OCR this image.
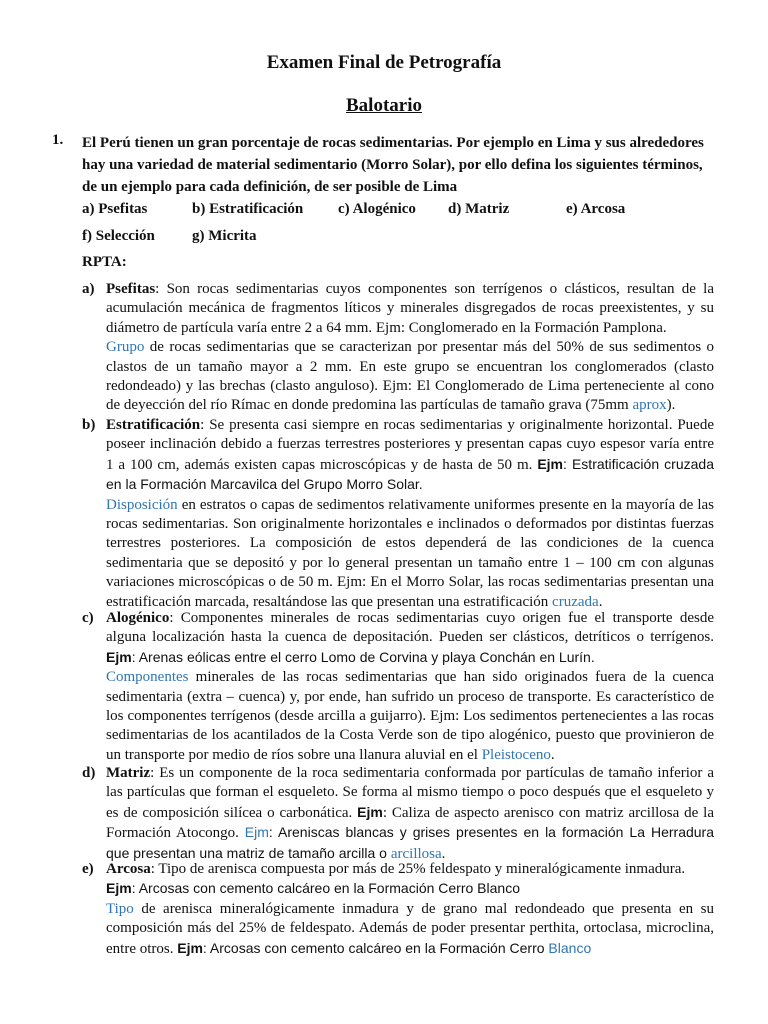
Examen Final de Petrografía
Balotario
1. El Perú tienen un gran porcentaje de rocas sedimentarias. Por ejemplo en Lima y sus alrededores hay una variedad de material sedimentario (Morro Solar), por ello defina los siguientes términos, de un ejemplo para cada definición, de ser posible de Lima
a) Psefitas	b) Estratificación c) Alogénico d) Matriz	e) Arcosa
f) Selección g) Micrita
RPTA:
a) Psefitas: Son rocas sedimentarias cuyos componentes son terrígenos o clásticos, resultan de la acumulación mecánica de fragmentos líticos y minerales disgregados de rocas preexistentes, y su diámetro de partícula varía entre 2 a 64 mm. Ejm: Conglomerado en la Formación Pamplona.

Grupo de rocas sedimentarias que se caracterizan por presentar más del 50% de sus sedimentos o clastos de un tamaño mayor a 2 mm. En este grupo se encuentran los conglomerados (clasto redondeado) y las brechas (clasto anguloso). Ejm: El Conglomerado de Lima perteneciente al cono de deyección del río Rímac en donde predomina las partículas de tamaño grava (75mm aprox).

b) Estratificación: Se presenta casi siempre en rocas sedimentarias y originalmente horizontal. Puede poseer inclinación debido a fuerzas terrestres posteriores y presentan capas cuyo espesor varía entre 1 a 100 cm, además existen capas microscópicas y de hasta de 50 m. Ejm: Estratificación cruzada en la Formación Marcavilca del Grupo Morro Solar.

Disposición en estratos o capas de sedimentos relativamente uniformes presente en la mayoría de las rocas sedimentarias. Son originalmente horizontales e inclinados o deformados por distintas fuerzas terrestres posteriores. La composición de estos dependerá de las condiciones de la cuenca sedimentaria que se depositó y por lo general presentan un tamaño entre 1 – 100 cm con algunas variaciones microscópicas o de 50 m. Ejm: En el Morro Solar, las rocas sedimentarias presentan una estratificación marcada, resaltándose las que presentan una estratificación cruzada.

c) Alogénico: Componentes minerales de rocas sedimentarias cuyo origen fue el transporte desde alguna localización hasta la cuenca de depositación. Pueden ser clásticos, detríticos o terrígenos. Ejm: Arenas eólicas entre el cerro Lomo de Corvina y playa Conchán en Lurín.

Componentes minerales de las rocas sedimentarias que han sido originados fuera de la cuenca sedimentaria (extra – cuenca) y, por ende, han sufrido un proceso de transporte. Es característico de los componentes terrígenos (desde arcilla a guijarro). Ejm: Los sedimentos pertenecientes a las rocas sedimentarias de los acantilados de la Costa Verde son de tipo alogénico, puesto que provinieron de un transporte por medio de ríos sobre una llanura aluvial en el Pleistoceno.

d) Matriz: Es un componente de la roca sedimentaria conformada por partículas de tamaño inferior a las partículas que forman el esqueleto. Se forma al mismo tiempo o poco después que el esqueleto y es de composición silícea o carbonática. Ejm: Caliza de aspecto arenisco con matriz arcillosa de la Formación Atocongo. Ejm: Areniscas blancas y grises presentes en la formación La Herradura que presentan una matriz de tamaño arcilla o arcillosa.

e) Arcosa: Tipo de arenisca compuesta por más de 25% feldespato y mineralógicamente inmadura.

Ejm: Arcosas con cemento calcáreo en la Formación Cerro Blanco

Tipo de arenisca mineralógicamente inmadura y de grano mal redondeado que presenta en su composición más del 25% de feldespato. Además de poder presentar perthita, ortoclasa, microclina, entre otros. Ejm: Arcosas con cemento calcáreo en la Formación Cerro Blanco
